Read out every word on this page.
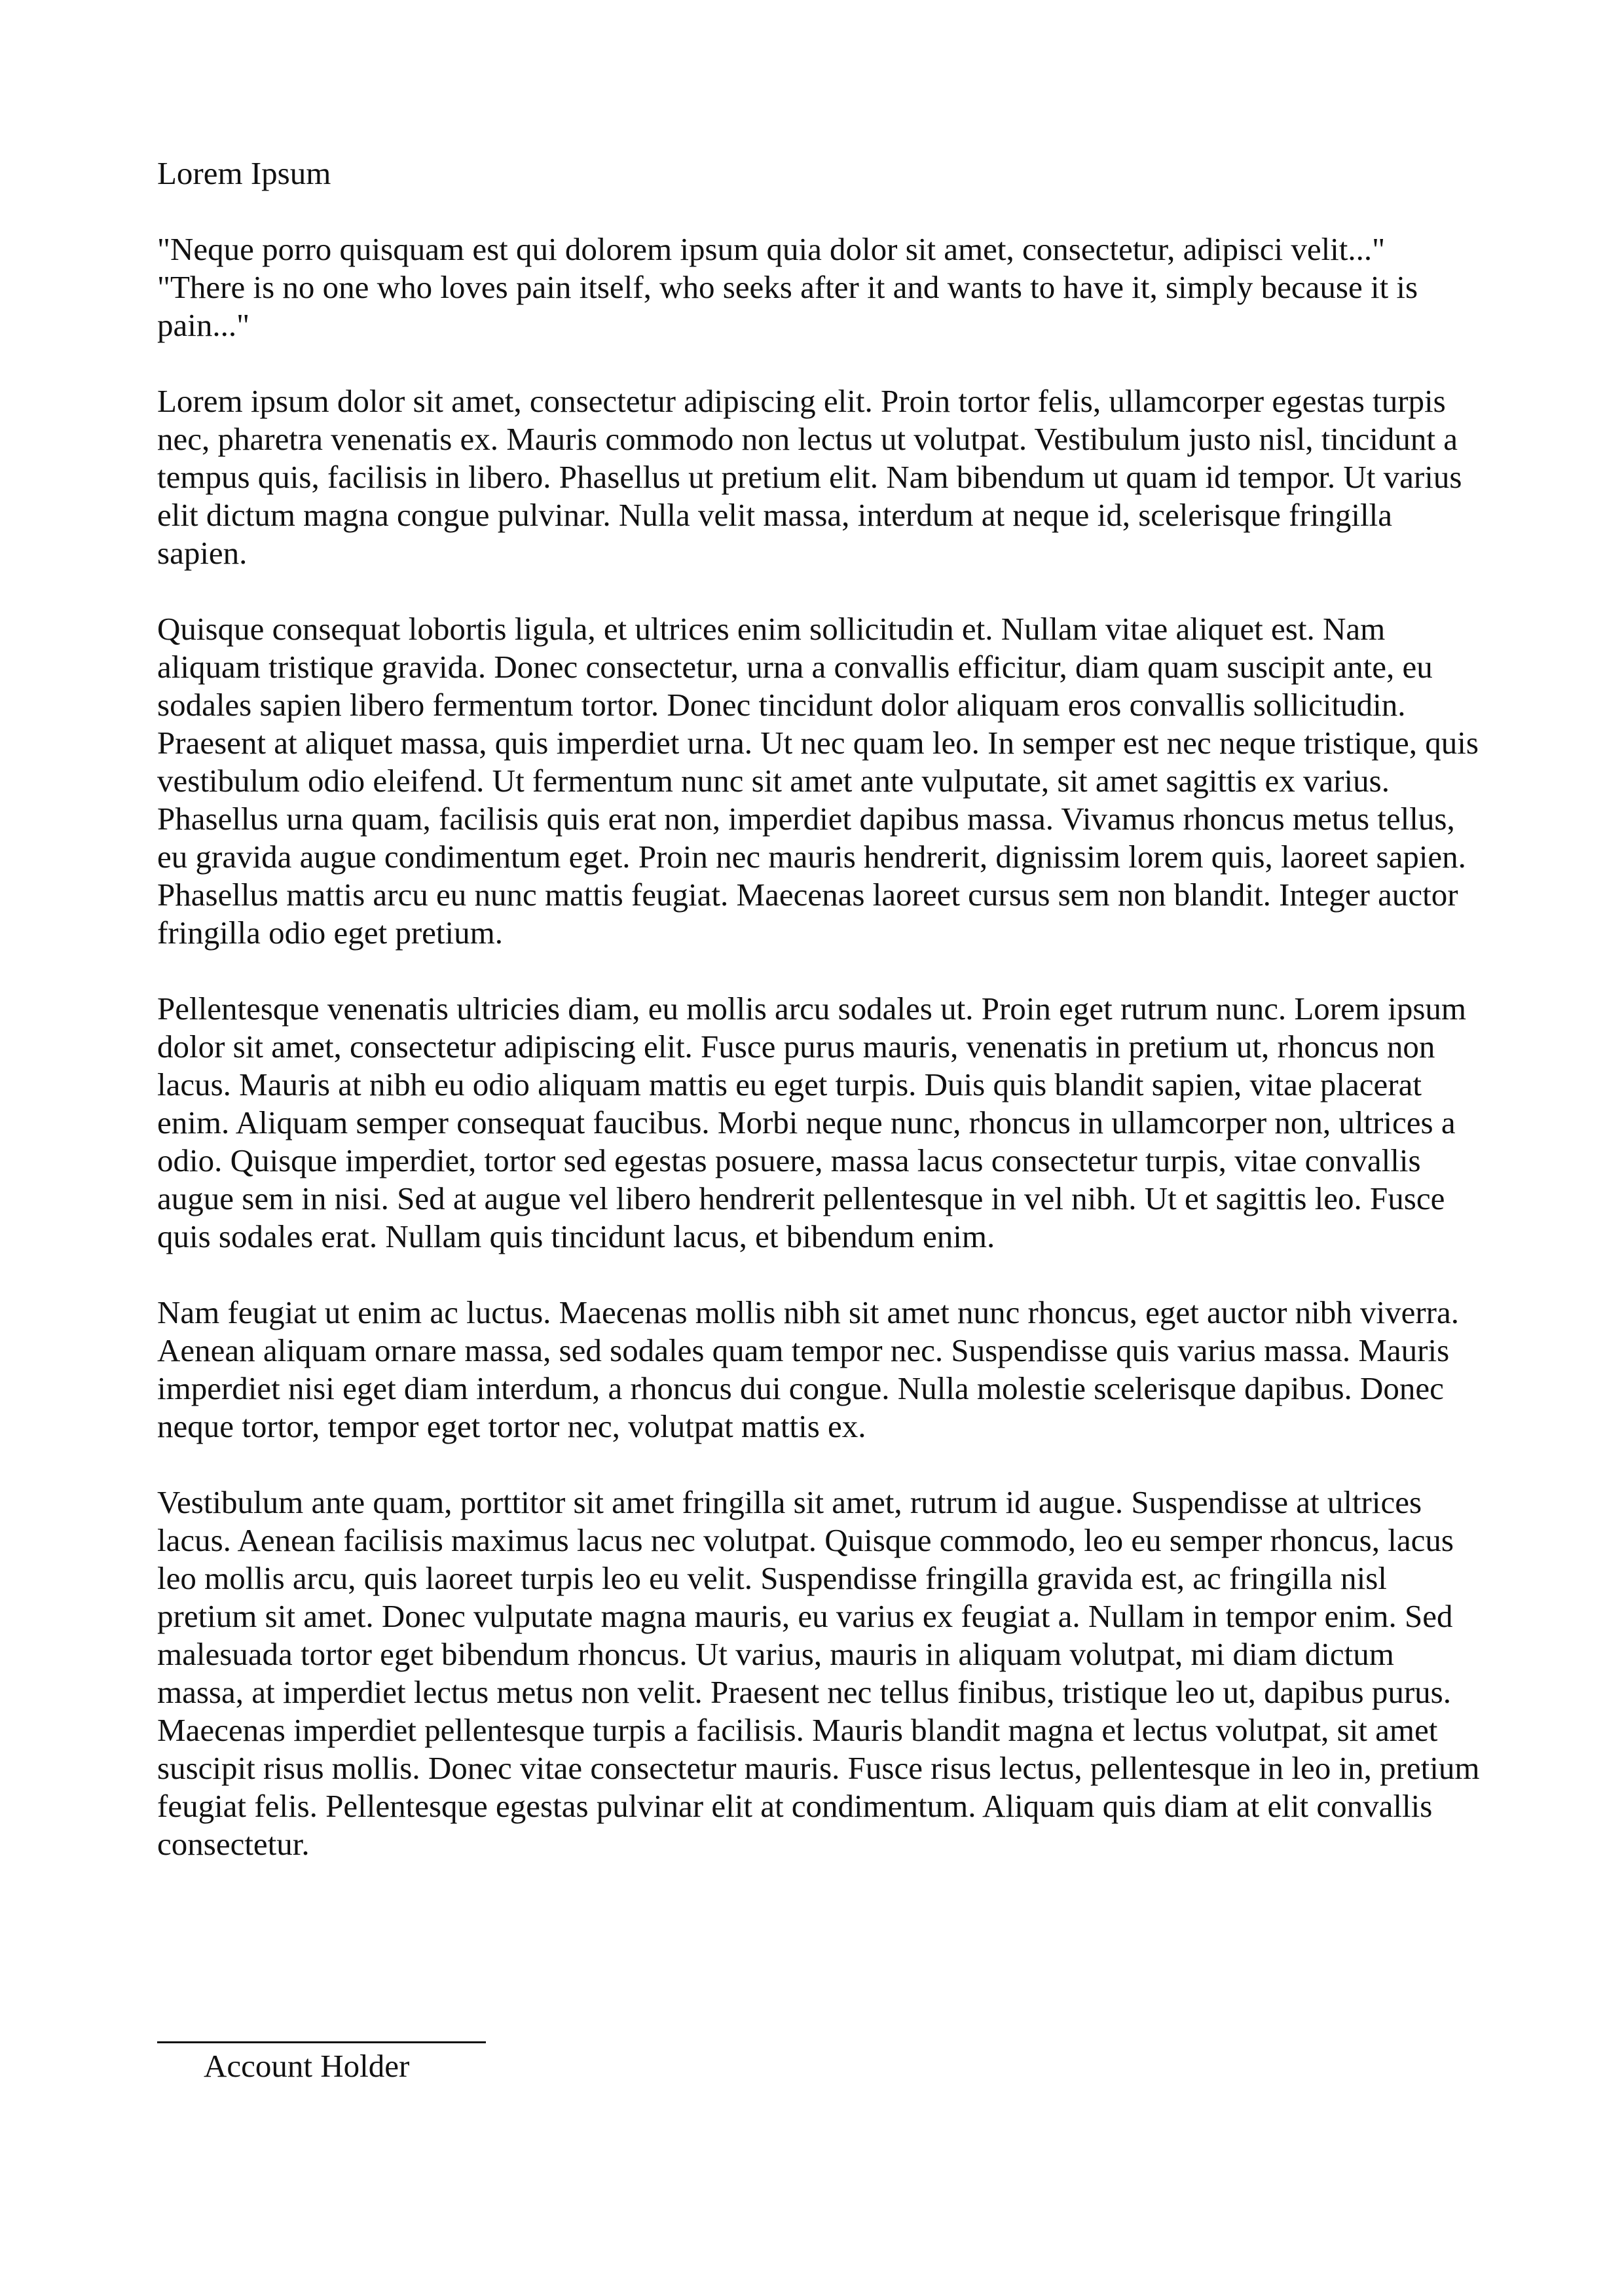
Lorem Ipsum

"Neque porro quisquam est qui dolorem ipsum quia dolor sit amet, consectetur, adipisci velit..."

"There is no one who loves pain itself, who seeks after it and wants to have it, simply because it is pain..."

Lorem ipsum dolor sit amet, consectetur adipiscing elit. Proin tortor felis, ullamcorper egestas turpis nec, pharetra venenatis ex. Mauris commodo non lectus ut volutpat. Vestibulum justo nisl, tincidunt a tempus quis, facilisis in libero. Phasellus ut pretium elit. Nam bibendum ut quam id tempor. Ut varius elit dictum magna congue pulvinar. Nulla velit massa, interdum at neque id, scelerisque fringilla sapien.

Quisque consequat lobortis ligula, et ultrices enim sollicitudin et. Nullam vitae aliquet est. Nam aliquam tristique gravida. Donec consectetur, urna a convallis efficitur, diam quam suscipit ante, eu sodales sapien libero fermentum tortor. Donec tincidunt dolor aliquam eros convallis sollicitudin. Praesent at aliquet massa, quis imperdiet urna. Ut nec quam leo. In semper est nec neque tristique, quis vestibulum odio eleifend. Ut fermentum nunc sit amet ante vulputate, sit amet sagittis ex varius. Phasellus urna quam, facilisis quis erat non, imperdiet dapibus massa. Vivamus rhoncus metus tellus, eu gravida augue condimentum eget. Proin nec mauris hendrerit, dignissim lorem quis, laoreet sapien. Phasellus mattis arcu eu nunc mattis feugiat. Maecenas laoreet cursus sem non blandit. Integer auctor fringilla odio eget pretium.

Pellentesque venenatis ultricies diam, eu mollis arcu sodales ut. Proin eget rutrum nunc. Lorem ipsum dolor sit amet, consectetur adipiscing elit. Fusce purus mauris, venenatis in pretium ut, rhoncus non lacus. Mauris at nibh eu odio aliquam mattis eu eget turpis. Duis quis blandit sapien, vitae placerat enim. Aliquam semper consequat faucibus. Morbi neque nunc, rhoncus in ullamcorper non, ultrices a odio. Quisque imperdiet, tortor sed egestas posuere, massa lacus consectetur turpis, vitae convallis augue sem in nisi. Sed at augue vel libero hendrerit pellentesque in vel nibh. Ut et sagittis leo. Fusce quis sodales erat. Nullam quis tincidunt lacus, et bibendum enim.

Nam feugiat ut enim ac luctus. Maecenas mollis nibh sit amet nunc rhoncus, eget auctor nibh viverra. Aenean aliquam ornare massa, sed sodales quam tempor nec. Suspendisse quis varius massa. Mauris imperdiet nisi eget diam interdum, a rhoncus dui congue. Nulla molestie scelerisque dapibus. Donec neque tortor, tempor eget tortor nec, volutpat mattis ex.

Vestibulum ante quam, porttitor sit amet fringilla sit amet, rutrum id augue. Suspendisse at ultrices lacus. Aenean facilisis maximus lacus nec volutpat. Quisque commodo, leo eu semper rhoncus, lacus leo mollis arcu, quis laoreet turpis leo eu velit. Suspendisse fringilla gravida est, ac fringilla nisl pretium sit amet. Donec vulputate magna mauris, eu varius ex feugiat a. Nullam in tempor enim. Sed malesuada tortor eget bibendum rhoncus. Ut varius, mauris in aliquam volutpat, mi diam dictum massa, at imperdiet lectus metus non velit. Praesent nec tellus finibus, tristique leo ut, dapibus purus. Maecenas imperdiet pellentesque turpis a facilisis. Mauris blandit magna et lectus volutpat, sit amet suscipit risus mollis. Donec vitae consectetur mauris. Fusce risus lectus, pellentesque in leo in, pretium feugiat felis. Pellentesque egestas pulvinar elit at condimentum. Aliquam quis diam at elit convallis consectetur.

Account Holder
